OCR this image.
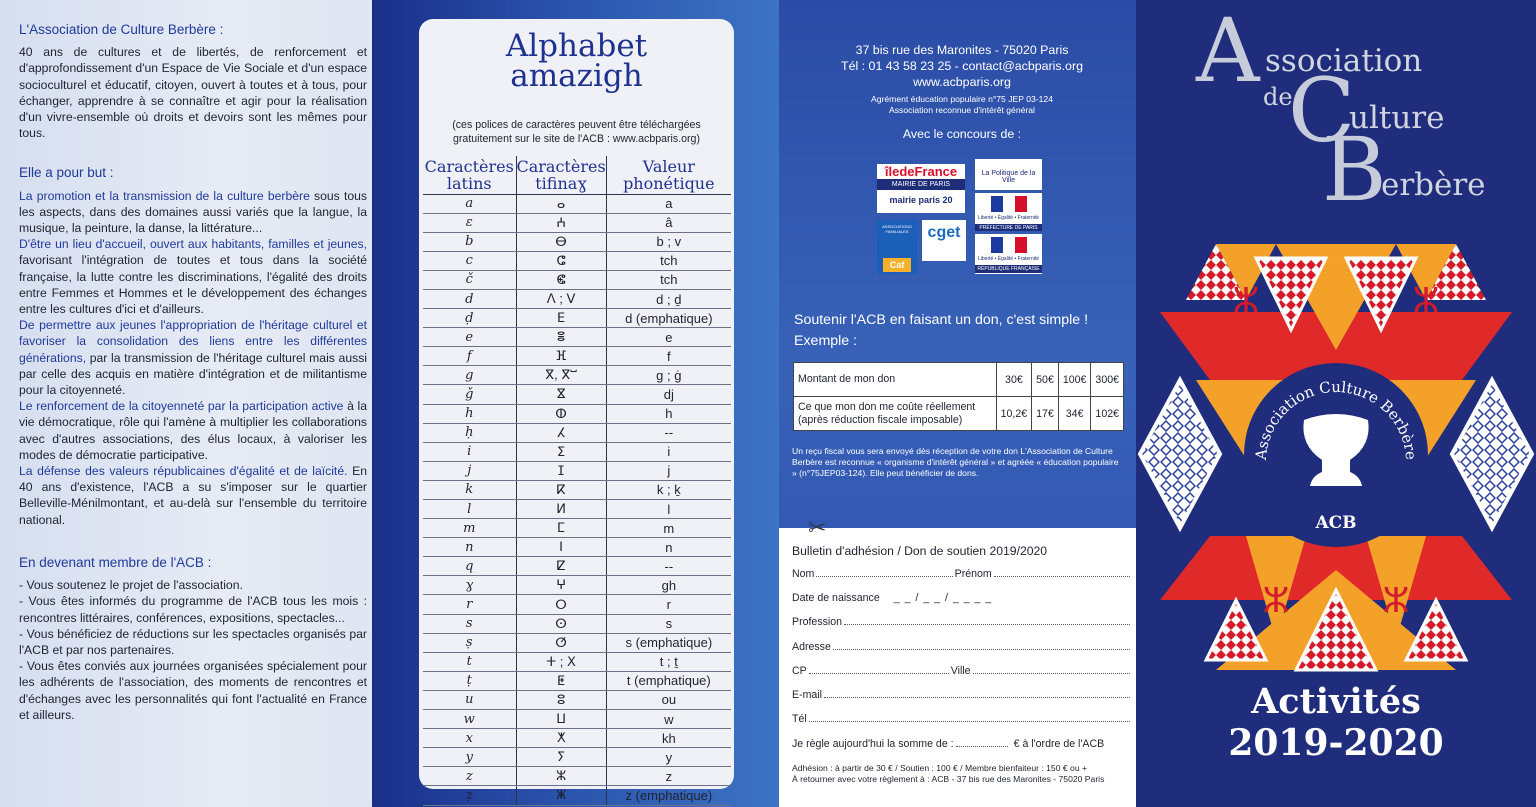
L'Association de Culture Berbère :

40 ans de cultures et de libertés, de renforcement et d'approfondissement d'un Espace de Vie Sociale et d'un espace socioculturel et éducatif, citoyen, ouvert à toutes et à tous, pour échanger, apprendre à se connaître et agir pour la réalisation d'un vivre-ensemble où droits et devoirs sont les mêmes pour tous.

Elle a pour but :

La promotion et la transmission de la culture berbère sous tous les aspects, dans des domaines aussi variés que la langue, la musique, la peinture, la danse, la littérature...

D'être un lieu d'accueil, ouvert aux habitants, familles et jeunes, favorisant l'intégration de toutes et tous dans la société française, la lutte contre les discriminations, l'égalité des droits entre Femmes et Hommes et le développement des échanges entre les cultures d'ici et d'ailleurs.

De permettre aux jeunes l'appropriation de l'héritage culturel et favoriser la consolidation des liens entre les différentes générations, par la transmission de l'héritage culturel mais aussi par celle des acquis en matière d'intégration et de militantisme pour la citoyenneté.

Le renforcement de la citoyenneté par la participation active à la vie démocratique, rôle qui l'amène à multiplier les collaborations avec d'autres associations, des élus locaux, à valoriser les modes de démocratie participative.

La défense des valeurs républicaines d'égalité et de laïcité. En 40 ans d'existence, l'ACB a su s'imposer sur le quartier Belleville-Ménilmontant, et au-delà sur l'ensemble du territoire national.

En devenant membre de l'ACB :

- Vous soutenez le projet de l'association.

- Vous êtes informés du programme de l'ACB tous les mois : rencontres littéraires, conférences, expositions, spectacles...

- Vous bénéficiez de réductions sur les spectacles organisés par l'ACB et par nos partenaires.

- Vous êtes conviés aux journées organisées spécialement pour les adhérents de l'association, des moments de rencontres et d'échanges avec les personnalités qui font l'actualité en France et ailleurs.

Alphabet
amazigh
(ces polices de caractères peuvent être téléchargées gratuitement sur le site de l'ACB : www.acbparis.org)
Caractères latins	Caractères tifinaɣ	Valeur phonétique
a	ⴰ	a
ɛ	ⵄ	â
b	ⴱ	b ; v
c	ⵛ	tch
č	ⵞ	tch
d	ⴷ ; ⴸ	d ; ḏ
ḍ	ⴹ	d (emphatique)
e	ⴻ	e
f	ⴼ	f
g	ⴳ, ⴳⵯ	g ; ġ
ǧ	ⴵ	dj
h	ⵀ	h
ḥ	ⵃ	--
i	ⵉ	i
j	ⵊ	j
k	ⴽ	k ; ḵ
l	ⵍ	l
m	ⵎ	m
n	ⵏ	n
q	ⵇ	--
ɣ	ⵖ	gh
r	ⵔ	r
s	ⵙ	s
ṣ	ⵚ	s (emphatique)
t	ⵜ ; ⵝ	t ; ṯ
ṭ	ⵟ	t (emphatique)
u	ⵓ	ou
w	ⵡ	w
x	ⵅ	kh
y	ⵢ	y
z	ⵣ	z
ẓ	ⵥ	z (emphatique)
37 bis rue des Maronites - 75020 Paris
Tél : 01 43 58 23 25 - contact@acbparis.org
www.acbparis.org
Agrément éducation populaire n°75 JEP 03-124
Association reconnue d'intérêt général
Avec le concours de :
îledeFrance
MAIRIE DE PARIS
mairie paris 20
ASSOCIATIONS FAMILIALES
Caf
cget
La Politique de la Ville
Liberté • Égalité • Fraternité
PRÉFECTURE DE PARIS
Liberté • Égalité • Fraternité
RÉPUBLIQUE FRANÇAISE
Soutenir l'ACB en faisant un don, c'est simple !
Exemple :
Montant de mon don	30€	50€	100€	300€
Ce que mon don me coûte réellement (après réduction fiscale imposable)	10,2€	17€	34€	102€
Un reçu fiscal vous sera envoyé dès réception de votre don L'Association de Culture Berbère est reconnue « organisme d'intérêt général » et agréée « éducation populaire » (n°75JEP03-124). Elle peut bénéficier de dons.
✂
Bulletin d'adhésion / Don de soutien 2019/2020
Nom	Prénom
Date de naissance _ _ / _ _ / _ _ _ _
Profession
Adresse
CP	Ville
E-mail
Tél
Je règle aujourd'hui la somme de :	€ à l'ordre de l'ACB
Adhésion : à partir de 30 € / Soutien : 100 € / Membre bienfaiteur : 150 € ou +
À retourner avec votre règlement à : ACB - 37 bis rue des Maronites - 75020 Paris
A ssociation
de
C
ulture
B
erbère
ⵣ	ⵣ
ⵣ	ⵣ
Association Culture Berbère
ACB
Activités
2019-2020
